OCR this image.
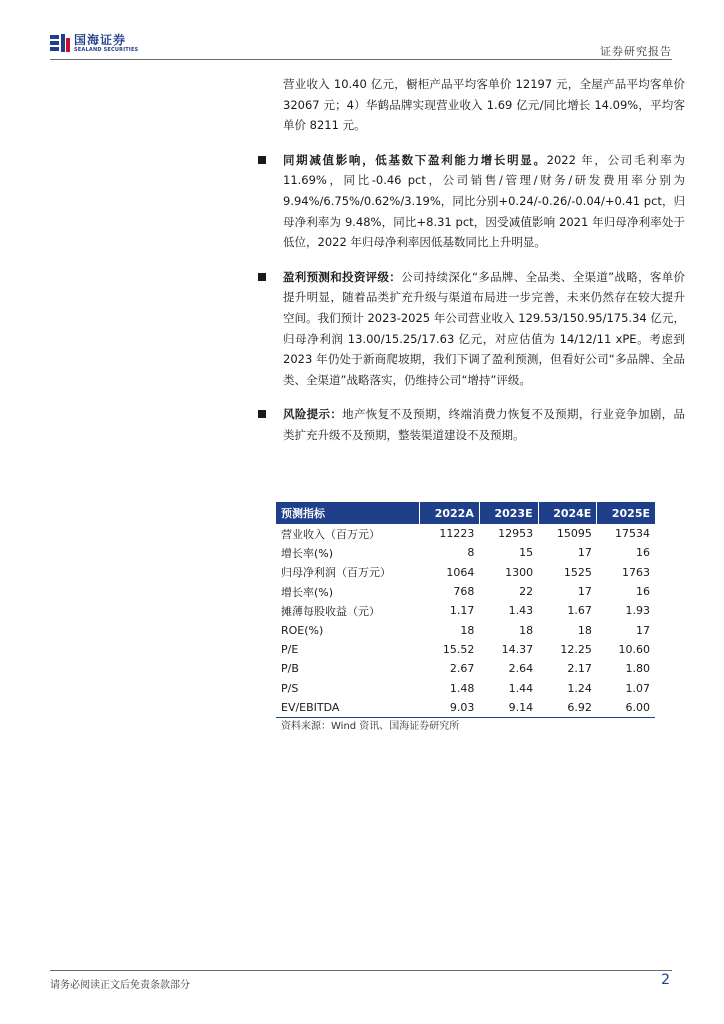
国海证券
SEALAND SECURITIES	证券研究报告

营业收入 10.40 亿元，橱柜产品平均客单价 12197 元，全屋产品平均客单价 32067 元；4）华鹤品牌实现营业收入 1.69 亿元/同比增长 14.09%，平均客单价 8211 元。

同期减值影响，低基数下盈利能力增长明显。2022 年，公司毛利率为 11.69%，同比-0.46 pct，公司销售/管理/财务/研发费用率分别为 9.94%/6.75%/0.62%/3.19%，同比分别+0.24/-0.26/-0.04/+0.41 pct，归母净利率为 9.48%，同比+8.31 pct，因受减值影响 2021 年归母净利率处于低位，2022 年归母净利率因低基数同比上升明显。

盈利预测和投资评级：公司持续深化“多品牌、全品类、全渠道”战略，客单价提升明显，随着品类扩充升级与渠道布局进一步完善，未来仍然存在较大提升空间。我们预计 2023-2025 年公司营业收入 129.53/150.95/175.34 亿元，归母净利润 13.00/15.25/17.63 亿元，对应估值为 14/12/11 xPE。考虑到 2023 年仍处于新商爬坡期，我们下调了盈利预测，但看好公司“多品牌、全品类、全渠道”战略落实，仍维持公司“增持”评级。

风险提示：地产恢复不及预期，终端消费力恢复不及预期，行业竞争加剧，品类扩充升级不及预期，整装渠道建设不及预期。

预测指标	2022A	2023E	2024E	2025E
营业收入（百万元）	11223	12953	15095	17534
增长率(%)	8	15	17	16
归母净利润（百万元）	1064	1300	1525	1763
增长率(%)	768	22	17	16
摊薄每股收益（元）	1.17	1.43	1.67	1.93
ROE(%)	18	18	18	17
P/E	15.52	14.37	12.25	10.60
P/B	2.67	2.64	2.17	1.80
P/S	1.48	1.44	1.24	1.07
EV/EBITDA	9.03	9.14	6.92	6.00
资料来源：Wind 资讯、国海证券研究所
请务必阅读正文后免责条款部分	2
